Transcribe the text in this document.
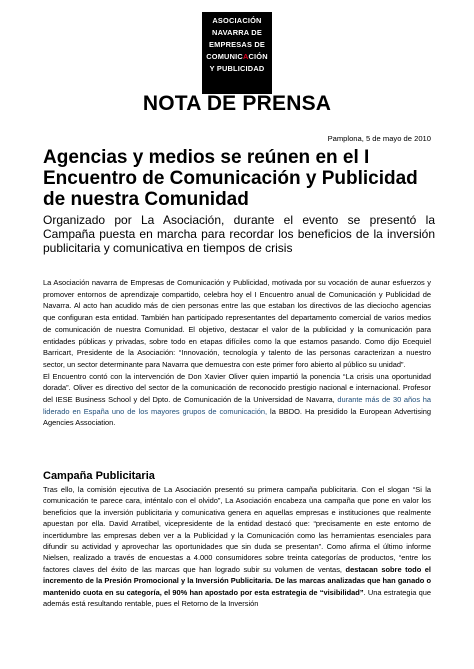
ASOCIACIÓN
NAVARRA DE
EMPRESAS DE
COMUNICACIÓN
Y PUBLICIDAD
NOTA DE PRENSA
Pamplona, 5 de mayo de 2010
Agencias y medios se reúnen en el I Encuentro de Comunicación y Publicidad de nuestra Comunidad
Organizado por La Asociación, durante el evento se presentó la Campaña puesta en marcha para recordar los beneficios de la inversión publicitaria y comunicativa en tiempos de crisis

La Asociación navarra de Empresas de Comunicación y Publicidad, motivada por su vocación de aunar esfuerzos y promover entornos de aprendizaje compartido, celebra hoy el I Encuentro anual de Comunicación y Publicidad de Navarra. Al acto han acudido más de cien personas entre las que estaban los directivos de las dieciocho agencias que configuran esta entidad. También han participado representantes del departamento comercial de varios medios de comunicación de nuestra Comunidad. El objetivo, destacar el valor de la publicidad y la comunicación para entidades públicas y privadas, sobre todo en etapas difíciles como la que estamos pasando. Como dijo Ecequiel Barricart, Presidente de la Asociación: “Innovación, tecnología y talento de las personas caracterizan a nuestro sector, un sector determinante para Navarra que demuestra con este primer foro abierto al público su unidad”.

El Encuentro contó con la intervención de Don Xavier Oliver quien impartió la ponencia “La crisis una oportunidad dorada”. Oliver es directivo del sector de la comunicación de reconocido prestigio nacional e internacional. Profesor del IESE Business School y del Dpto. de Comunicación de la Universidad de Navarra, durante más de 30 años ha liderado en España uno de los mayores grupos de comunicación, la BBDO. Ha presidido la European Advertising Agencies Association.

Campaña Publicitaria

Tras ello, la comisión ejecutiva de La Asociación presentó su primera campaña publicitaria. Con el slogan “Si la comunicación te parece cara, inténtalo con el olvido”, La Asociación encabeza una campaña que pone en valor los beneficios que la inversión publicitaria y comunicativa genera en aquellas empresas e instituciones que realmente apuestan por ella. David Arratibel, vicepresidente de la entidad destacó que: “precisamente en este entorno de incertidumbre las empresas deben ver a la Publicidad y la Comunicación como las herramientas esenciales para difundir su actividad y aprovechar las oportunidades que sin duda se presentan”. Como afirma el último informe Nielsen, realizado a través de encuestas a 4.000 consumidores sobre treinta categorías de productos, “entre los factores claves del éxito de las marcas que han logrado subir su volumen de ventas, destacan sobre todo el incremento de la Presión Promocional y la Inversión Publicitaria. De las marcas analizadas que han ganado o mantenido cuota en su categoría, el 90% han apostado por esta estrategia de “visibilidad”. Una estrategia que además está resultando rentable, pues el Retorno de la Inversión
